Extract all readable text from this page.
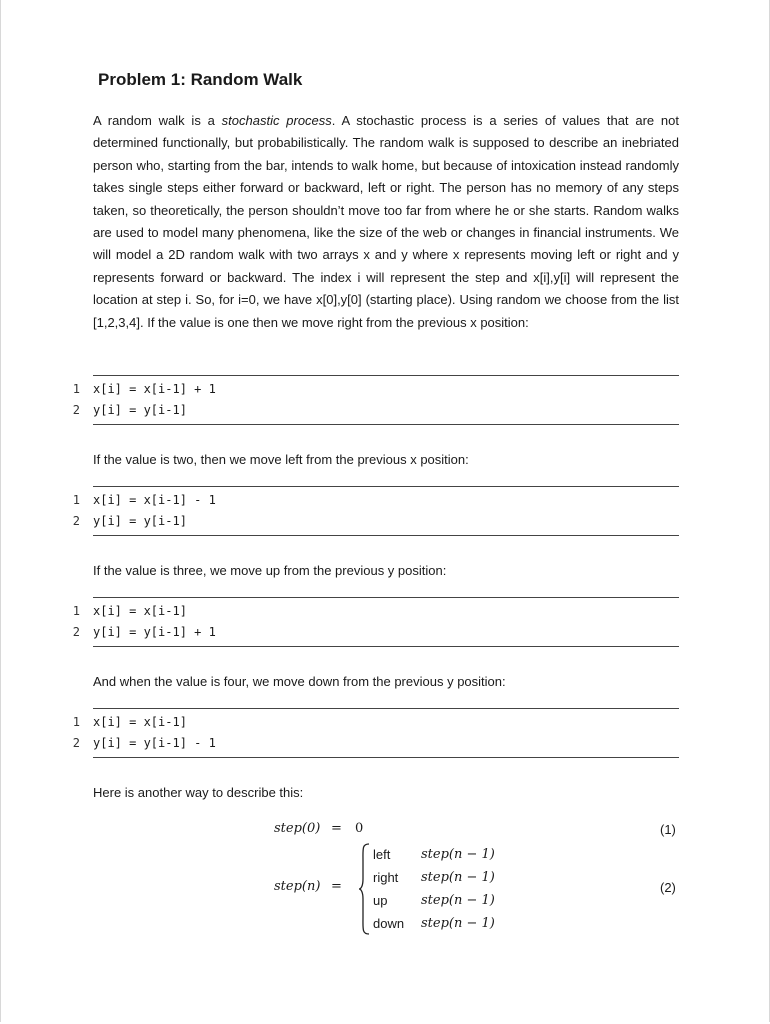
Problem 1: Random Walk

A random walk is a stochastic process. A stochastic process is a series of values that are not determined functionally, but probabilistically. The random walk is supposed to describe an inebriated person who, starting from the bar, intends to walk home, but because of intoxication instead randomly takes single steps either forward or backward, left or right. The person has no memory of any steps taken, so theoretically, the person shouldn’t move too far from where he or she starts. Random walks are used to model many phenomena, like the size of the web or changes in financial instruments. We will model a 2D random walk with two arrays x and y where x represents moving left or right and y represents forward or backward. The index i will represent the step and x[i],y[i] will represent the location at step i. So, for i=0, we have x[0],y[0] (starting place). Using random we choose from the list [1,2,3,4]. If the value is one then we move right from the previous x position:

1 x[i] = x[i-1] + 1
2 y[i] = y[i-1]

If the value is two, then we move left from the previous x position:

1 x[i] = x[i-1] - 1
2 y[i] = y[i-1]

If the value is three, we move up from the previous y position:

1 x[i] = x[i-1]
2 y[i] = y[i-1] + 1

And when the value is four, we move down from the previous y position:

1 x[i] = x[i-1]
2 y[i] = y[i-1] - 1

Here is another way to describe this:

step(0) = 0	(1)
step(n) =	(2)
left step(n − 1)
right step(n − 1)
up	step(n − 1)
down step(n − 1)
